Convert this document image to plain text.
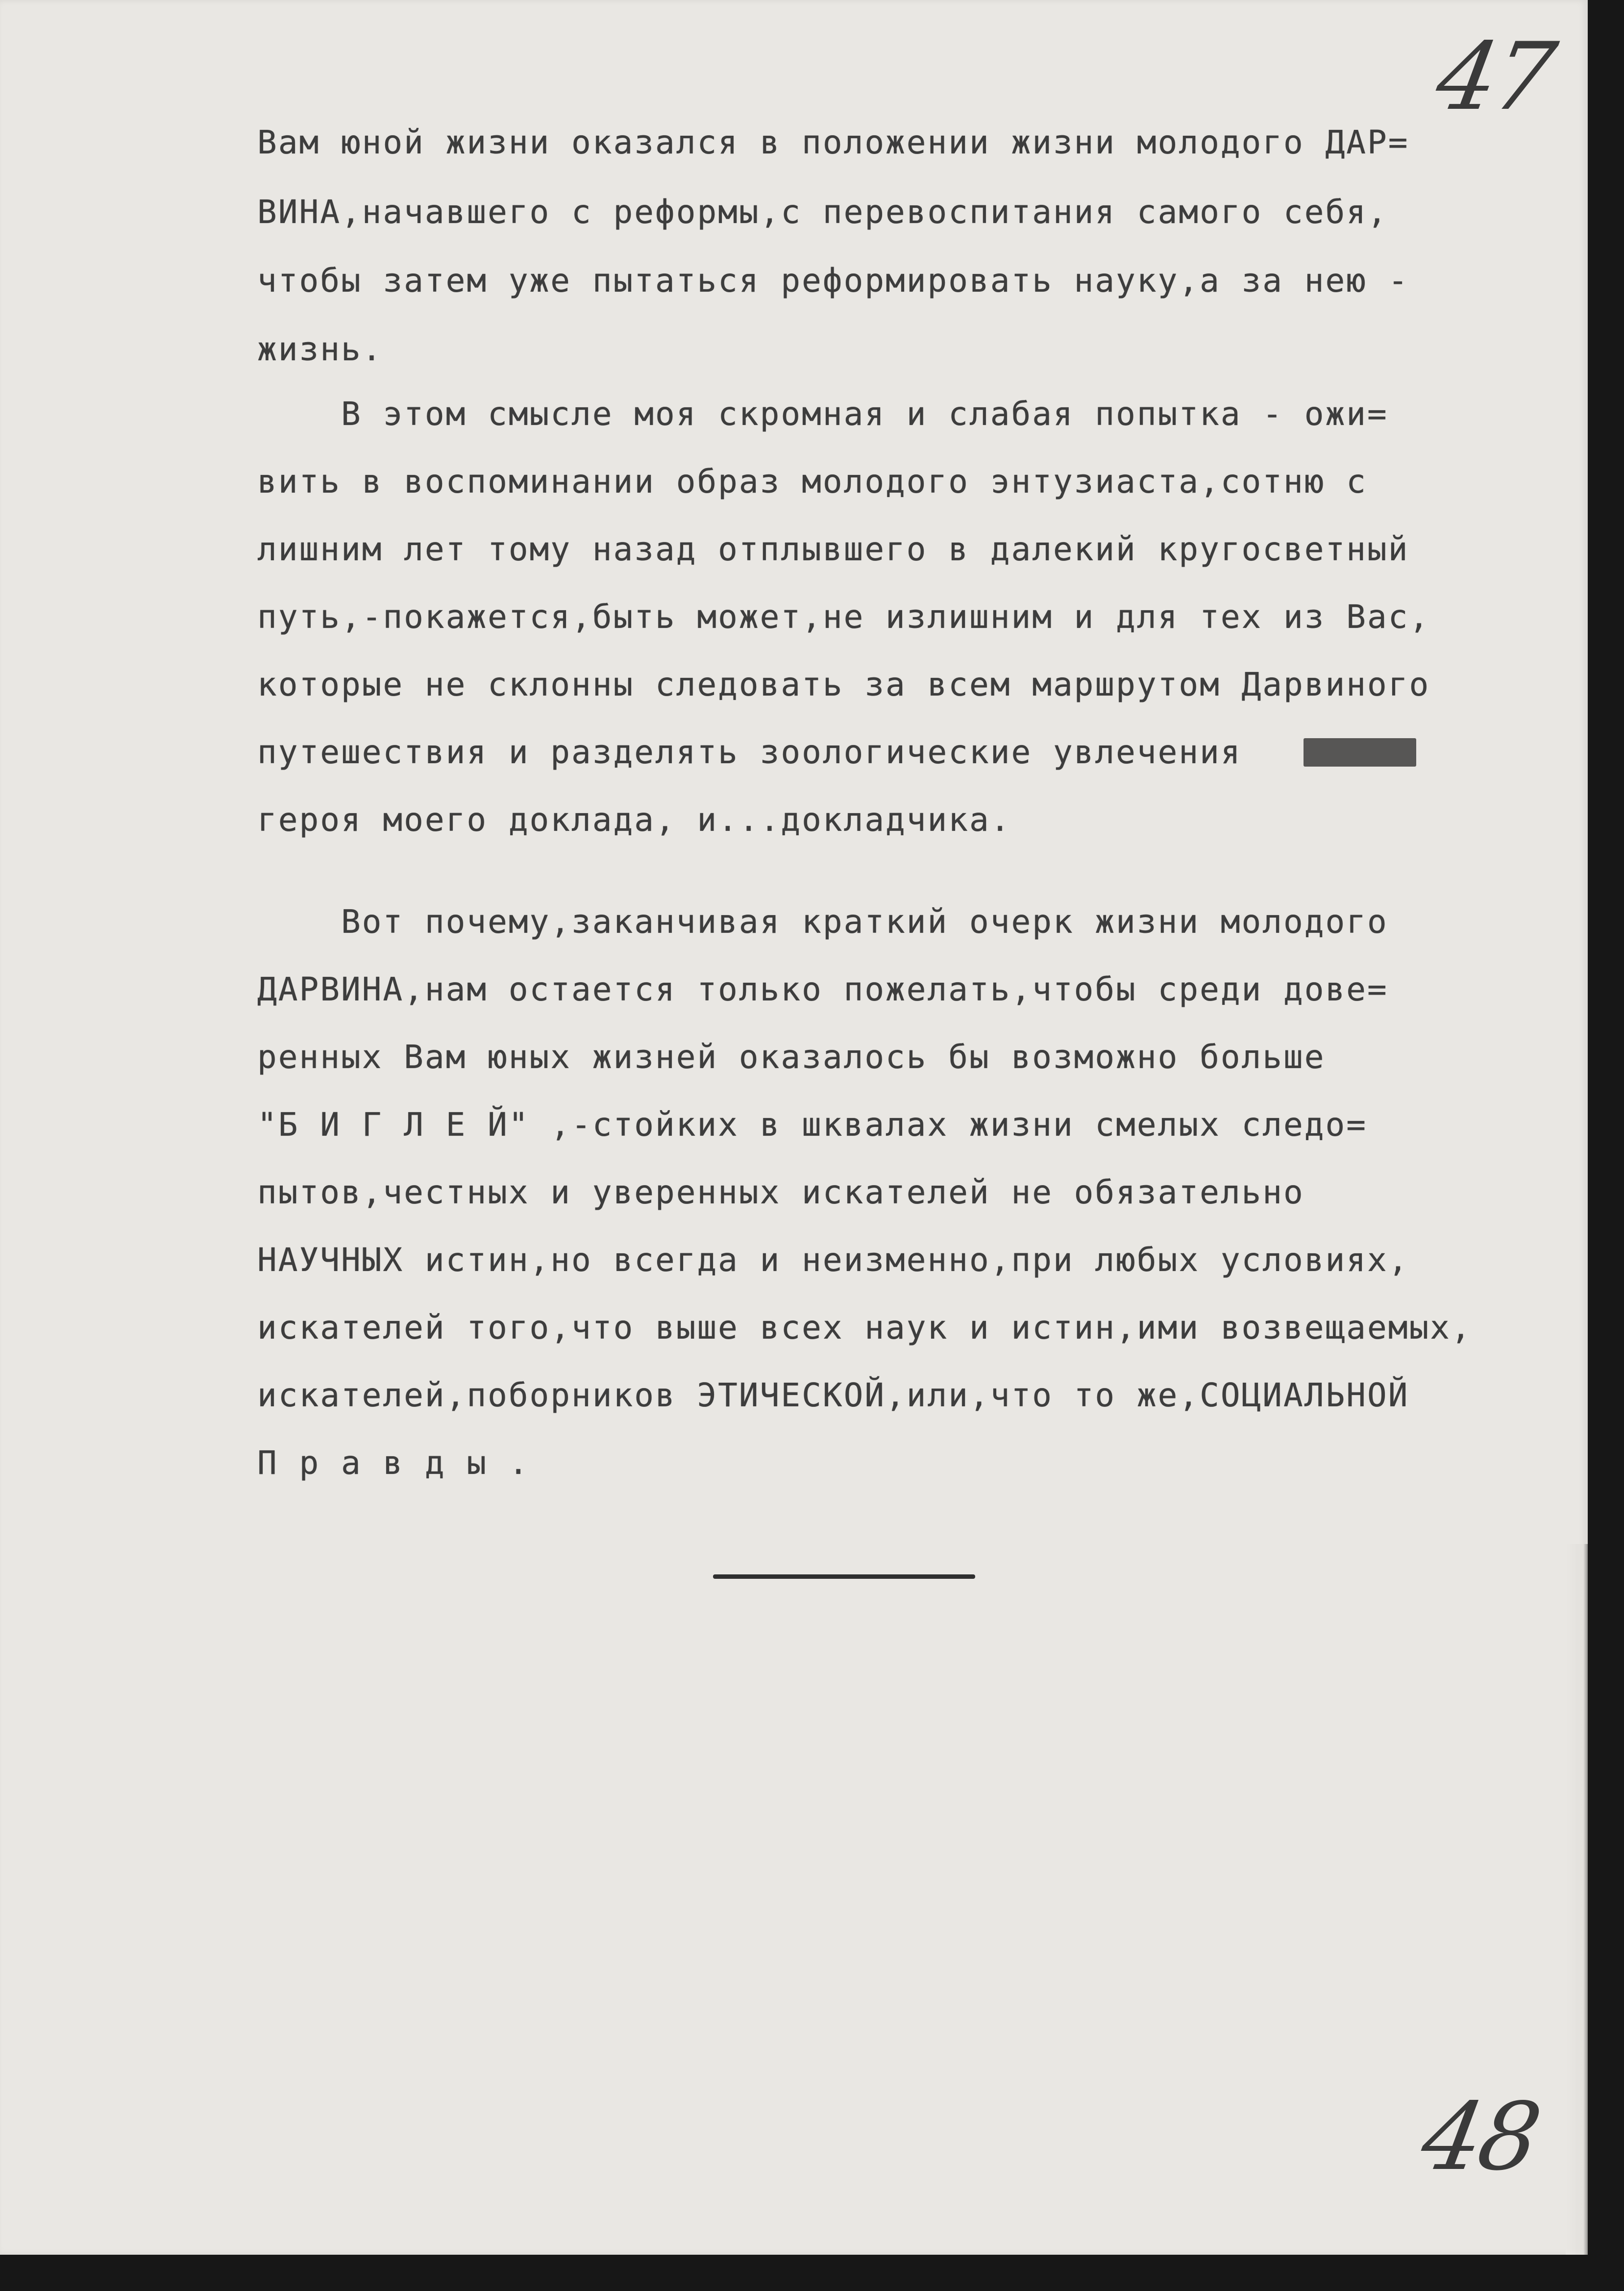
47
Вам юной жизни оказался в положении жизни молодого ДАР=
ВИНА,начавшего с реформы,с перевоспитания самого себя,
чтобы затем уже пытаться реформировать науку,а за нею -
жизнь.
В этом смысле моя скромная и слабая попытка - ожи=
вить в воспоминании образ молодого энтузиаста,сотню с
лишним лет тому назад отплывшего в далекий кругосветный
путь,-покажется,быть может,не излишним и для тех из Вас,
которые не склонны следовать за всем маршрутом Дарвиного
путешествия и разделять зоологические увлечения
героя моего доклада, и...докладчика.
Вот почему,заканчивая краткий очерк жизни молодого
ДАРВИНА,нам остается только пожелать,чтобы среди дове=
ренных Вам юных жизней оказалось бы возможно больше
"Б И Г Л Е Й" ,-стойких в шквалах жизни смелых следо=
пытов,честных и уверенных искателей не обязательно
НАУЧНЫХ истин,но всегда и неизменно,при любых условиях,
искателей того,что выше всех наук и истин,ими возвещаемых,
искателей,поборников ЭТИЧЕСКОЙ,или,что то же,СОЦИАЛЬНОЙ
П р а в д ы .
48
